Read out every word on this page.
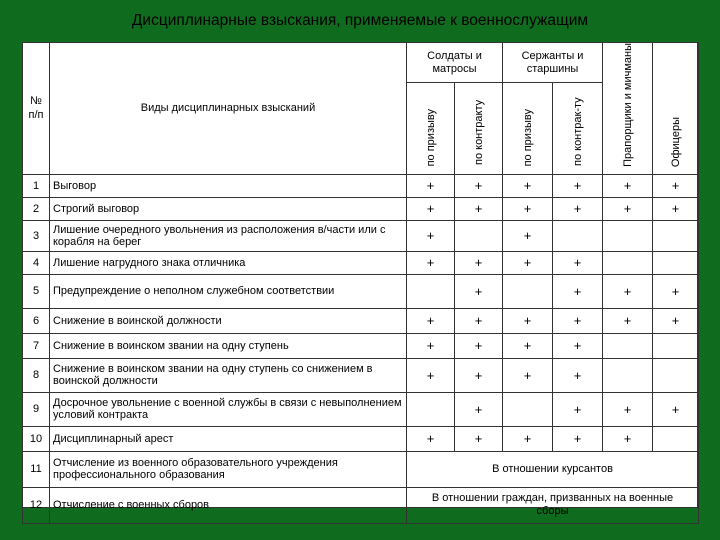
Дисциплинарные взыскания, применяемые к военнослужащим
№
п/п	Виды дисциплинарных взысканий	Солдаты и матросы		Сержанты и старшины		Прапорщики и мичманы	Офицеры
		по призыву	по контракту	по призыву	по контрак-ту		
1	Выговор	+	+	+	+	+	+
2	Строгий выговор	+	+	+	+	+	+
3	Лишение очередного увольнения из расположения в/части или с корабля на берег	+		+			
4	Лишение нагрудного знака отличника	+	+	+	+		
5	Предупреждение о неполном служебном соответствии		+		+	+	+
6	Снижение в воинской должности	+	+	+	+	+	+
7	Снижение в воинском звании на одну ступень	+	+	+	+		
8	Снижение в воинском звании на одну ступень со снижением в воинской должности	+	+	+	+		
9	Досрочное увольнение с военной службы в связи с невыполнением условий контракта		+		+	+	+
10	Дисциплинарный арест	+	+	+	+	+	
11	Отчисление из военного образовательного учреждения профессионального образования	В отношении курсантов					
12	Отчисление с военных сборов	В отношении граждан, призванных на военные сборы					
